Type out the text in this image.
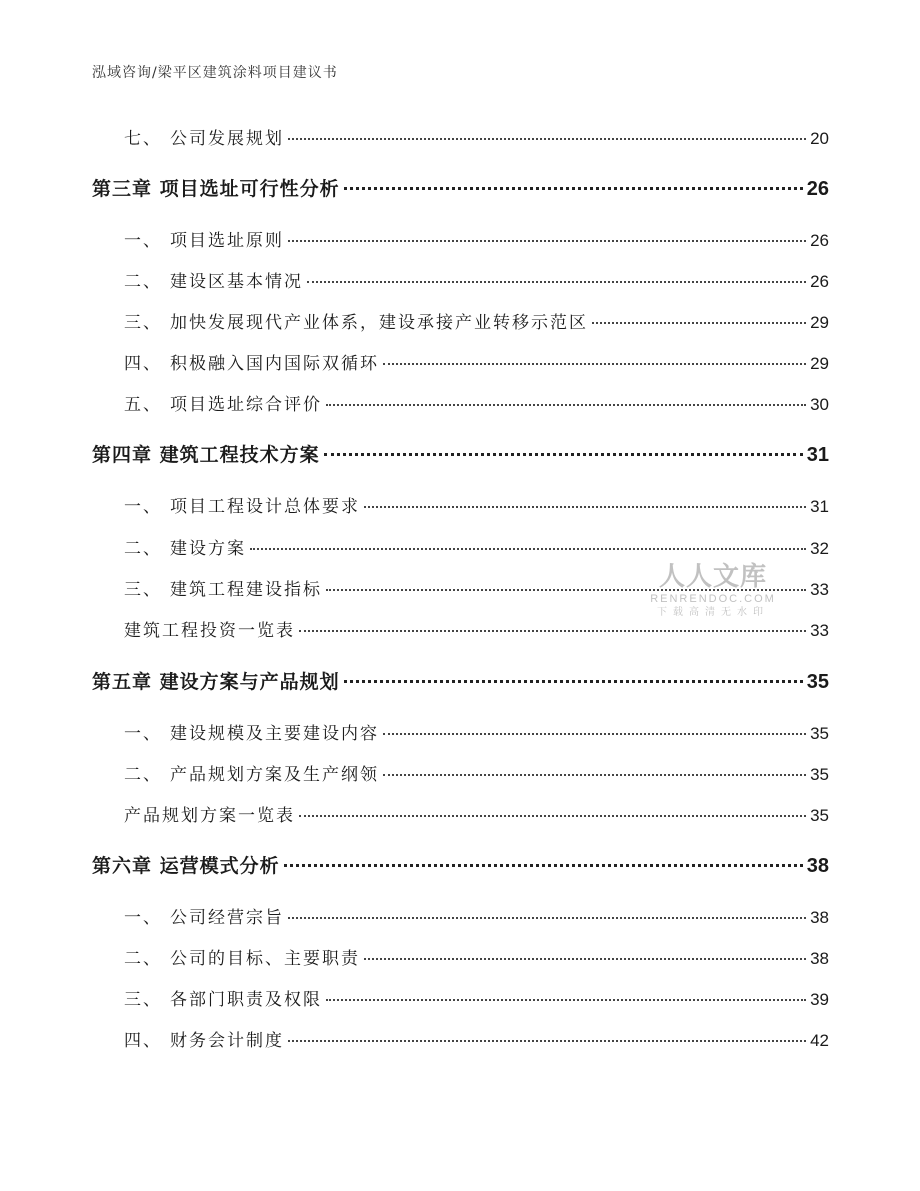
泓域咨询/梁平区建筑涂料项目建议书
七、 公司发展规划	20
第三章 项目选址可行性分析	26
一、 项目选址原则	26
二、 建设区基本情况	26
三、 加快发展现代产业体系，建设承接产业转移示范区	29
四、 积极融入国内国际双循环	29
五、 项目选址综合评价	30
第四章 建筑工程技术方案	31
一、 项目工程设计总体要求	31
二、 建设方案	32
三、 建筑工程建设指标	33
建筑工程投资一览表	33
第五章 建设方案与产品规划	35
一、 建设规模及主要建设内容	35
二、 产品规划方案及生产纲领	35
产品规划方案一览表	35
第六章 运营模式分析	38
一、 公司经营宗旨	38
二、 公司的目标、主要职责	38
三、 各部门职责及权限	39
四、 财务会计制度	42
人人文库
RENRENDOC.COM
下载高清无水印
